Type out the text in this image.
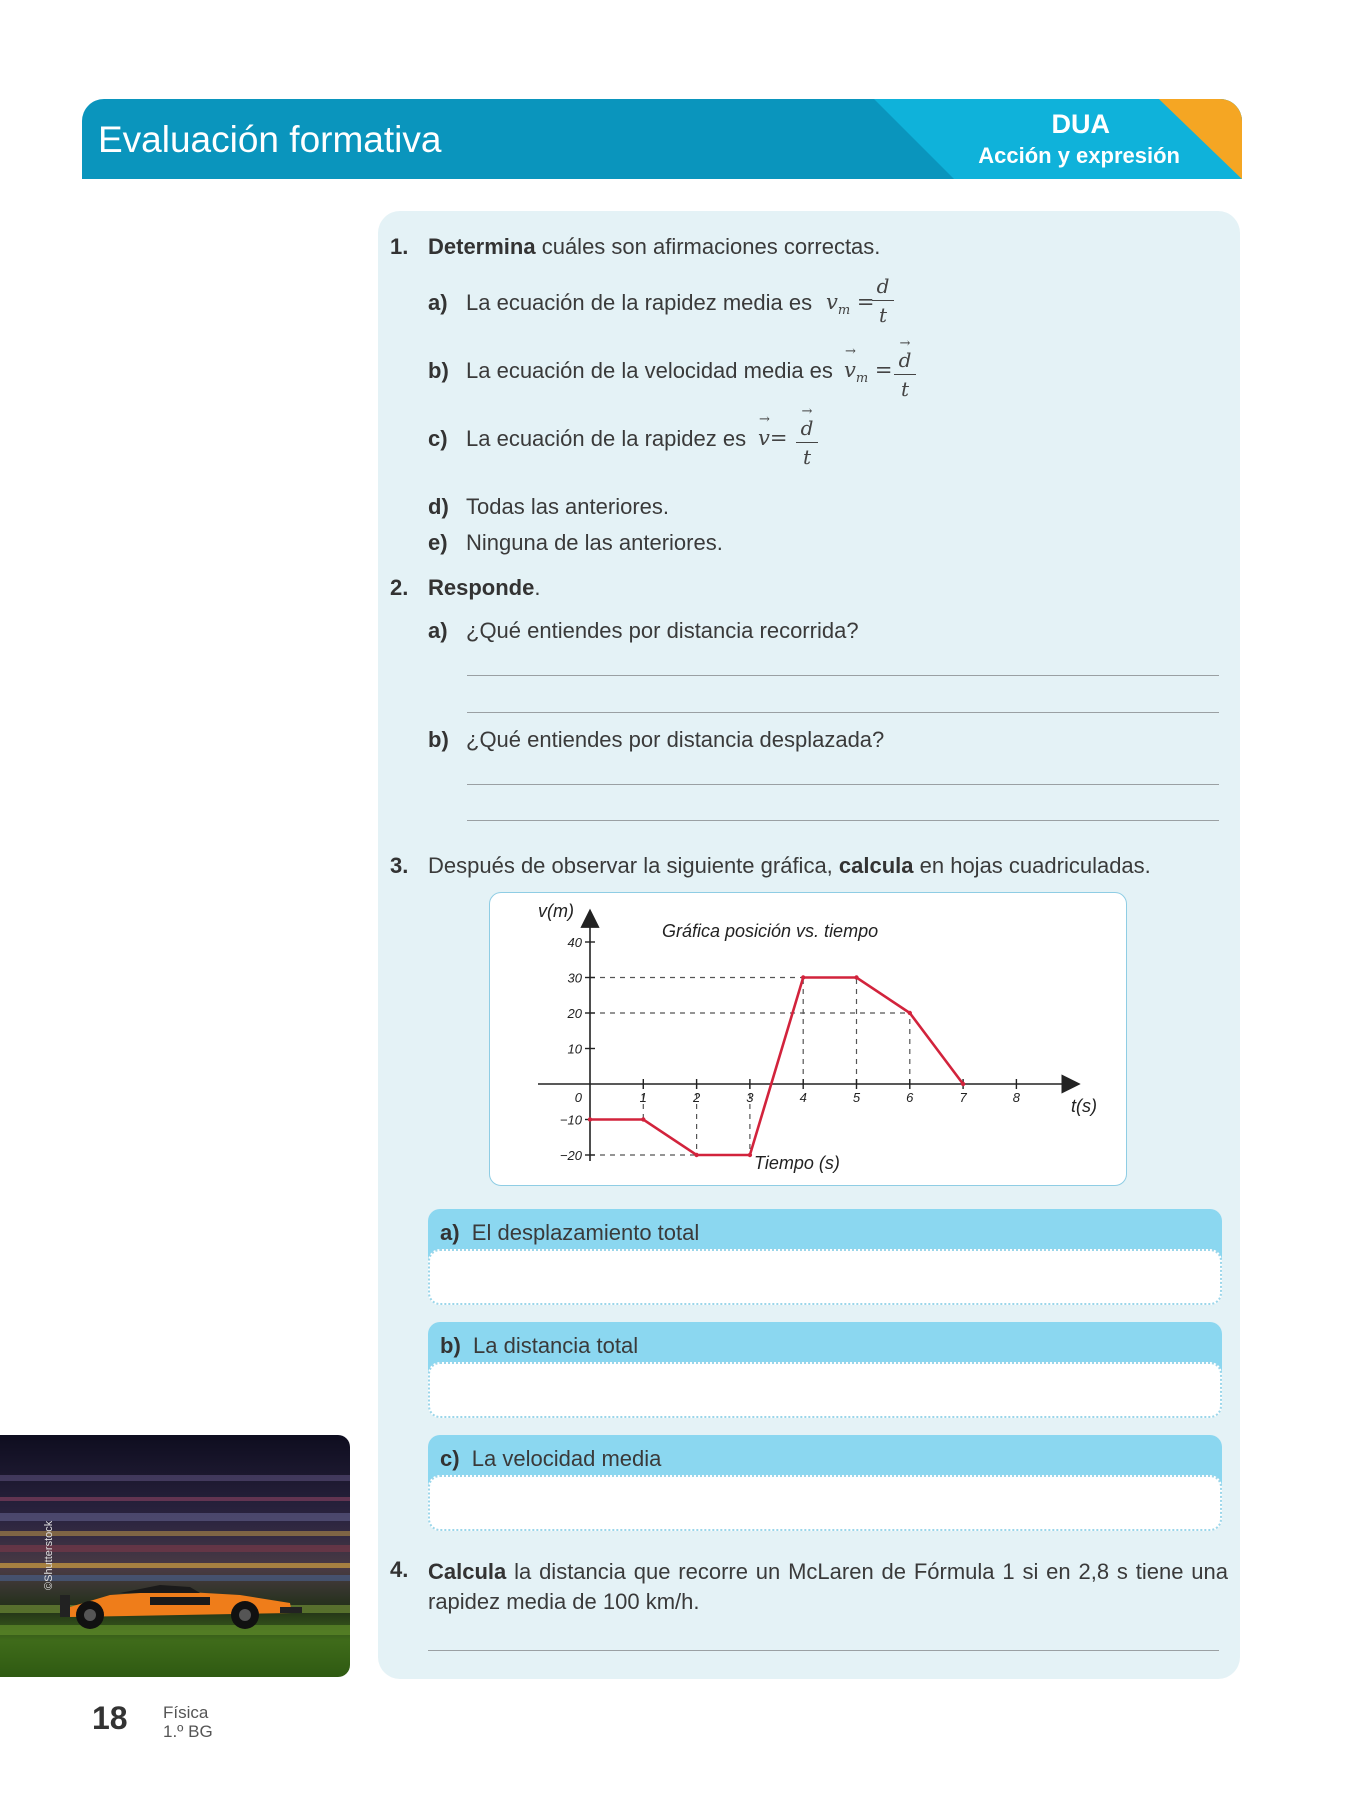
Evaluación formativa	DUA
Acción y expresión
1. Determina cuáles son afirmaciones correctas.
a) La ecuación de la rapidez media es $v_m$ =
d
t
b) La ecuación de la velocidad media es
→
$v_m$ =
→
d
t
c) La ecuación de la rapidez es
→
v=
→
d
t
d) Todas las anteriores.
e) Ninguna de las anteriores.
2. Responde.
a) ¿Qué entiendes por distancia recorrida?
b) ¿Qué entiendes por distancia desplazada?
3. Después de observar la siguiente gráfica, calcula en hojas cuadriculadas.
1	2	3	4	5	6	7	8
40
30
20
10
0
−10
−20
v(m)
t(s)
Gráfica posición vs. tiempo
Tiempo (s)
a) El desplazamiento total
b) La distancia total
c) La velocidad media
4. Calcula la distancia que recorre un McLaren de Fórmula 1 si en 2,8 s tiene una rapidez media de 100 km/h.
©Shutterstock
18 Física
1.º BG
